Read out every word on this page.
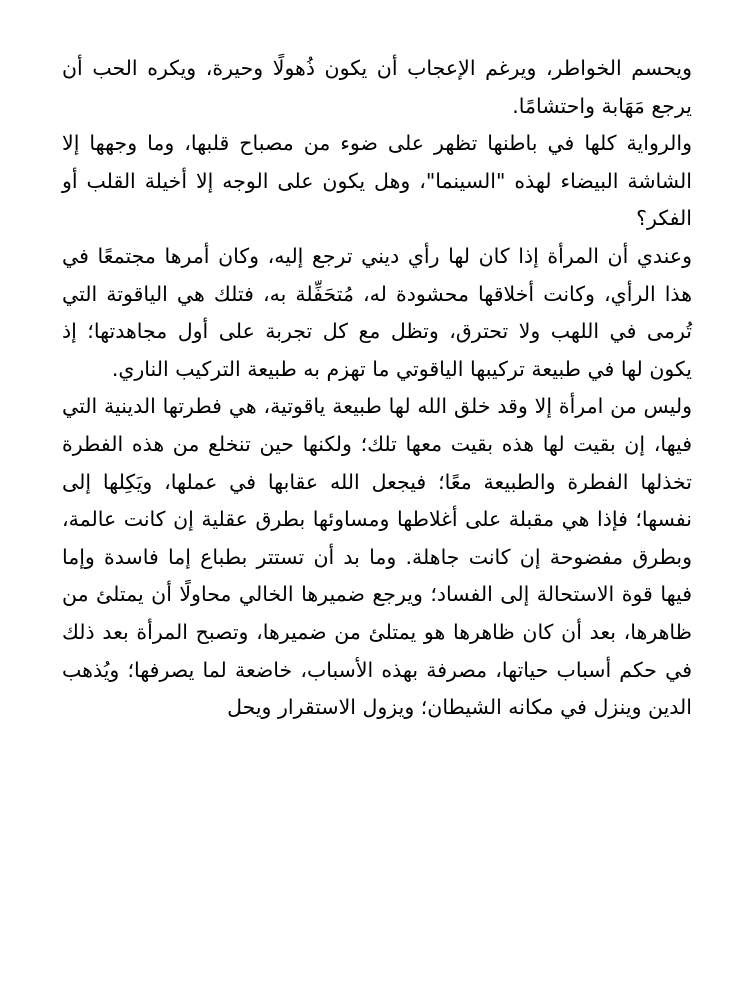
ويحسم الخواطر، ويرغم الإعجاب أن يكون ذُهولًا وحيرة، ويكره الحب أن يرجع مَهَابة واحتشامًا.

والرواية كلها في باطنها تظهر على ضوء من مصباح قلبها، وما وجهها إلا الشاشة البيضاء لهذه "السينما"، وهل يكون على الوجه إلا أخيلة القلب أو الفكر؟

وعندي أن المرأة إذا كان لها رأي ديني ترجع إليه، وكان أمرها مجتمعًا في هذا الرأي، وكانت أخلاقها محشودة له، مُتحَفِّلة به، فتلك هي الياقوتة التي تُرمى في اللهب ولا تحترق، وتظل مع كل تجربة على أول مجاهدتها؛ إذ يكون لها في طبيعة تركيبها الياقوتي ما تهزم به طبيعة التركيب الناري.

وليس من امرأة إلا وقد خلق الله لها طبيعة ياقوتية، هي فطرتها الدينية التي فيها، إن بقيت لها هذه بقيت معها تلك؛ ولكنها حين تنخلع من هذه الفطرة تخذلها الفطرة والطبيعة معًا؛ فيجعل الله عقابها في عملها، ويَكِلها إلى نفسها؛ فإذا هي مقبلة على أغلاطها ومساوئها بطرق عقلية إن كانت عالمة، وبطرق مفضوحة إن كانت جاهلة. وما بد أن تستتر بطباع إما فاسدة وإما فيها قوة الاستحالة إلى الفساد؛ ويرجع ضميرها الخالي محاولًا أن يمتلئ من ظاهرها، بعد أن كان ظاهرها هو يمتلئ من ضميرها، وتصبح المرأة بعد ذلك في حكم أسباب حياتها، مصرفة بهذه الأسباب، خاضعة لما يصرفها؛ ويُذهب الدين وينزل في مكانه الشيطان؛ ويزول الاستقرار ويحل
